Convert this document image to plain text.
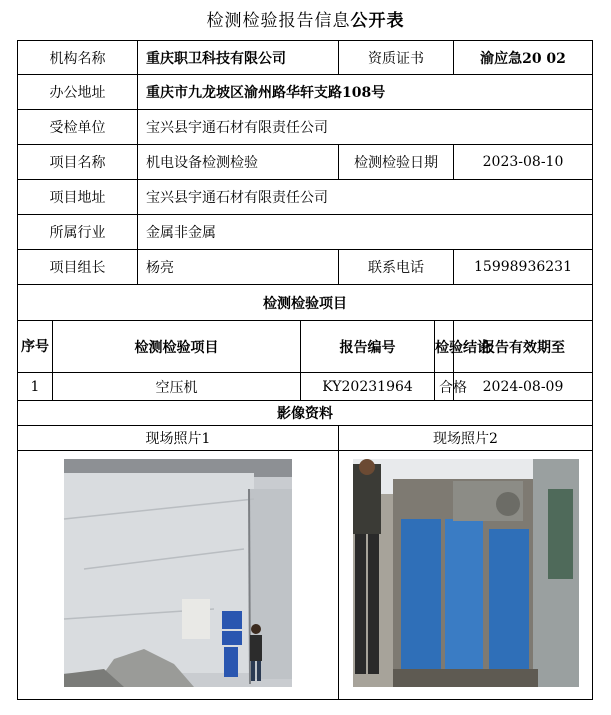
检测检验报告信息公开表
机构名称		重庆职卫科技有限公司		资质证书		渝应急20 02
办公地址		重庆市九龙坡区渝州路华轩支路108号				
受检单位		宝兴县宇通石材有限责任公司				
项目名称		机电设备检测检验		检测检验日期		2023-08-10
项目地址		宝兴县宇通石材有限责任公司				
所属行业		金属非金属				
项目组长		杨亮		联系电话		15998936231
检测检验项目						
序号	检测检验项目		报告编号		检验结论	报告有效期至
1	空压机		KY20231964		合格	2024-08-09
影像资料						
现场照片1				现场照片2		
